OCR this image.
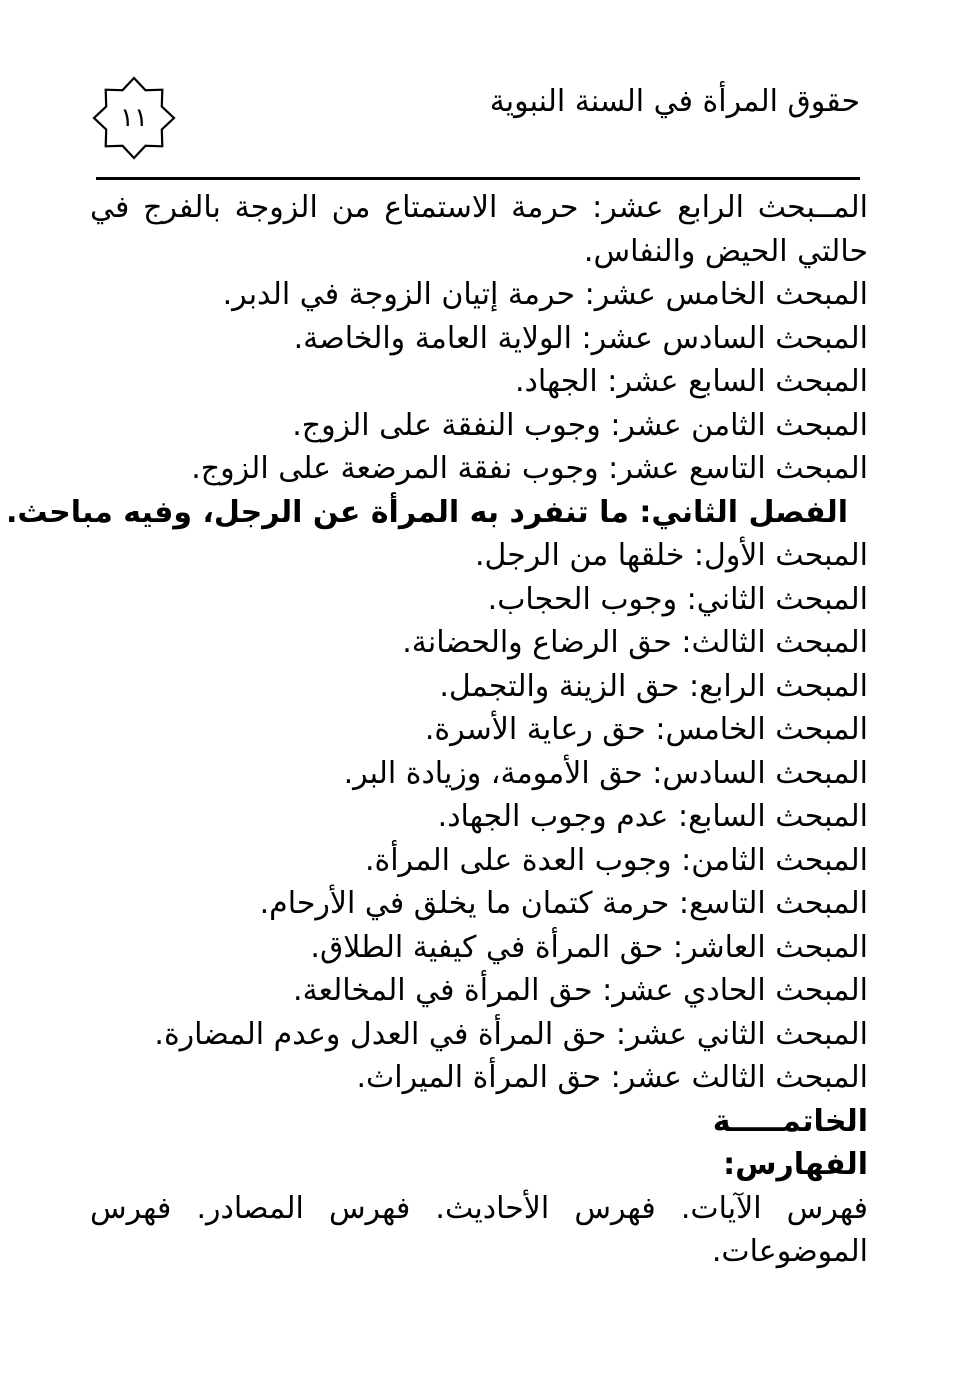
حقوق المرأة في السنة النبوية
١١
المــبحث الرابع عشر: حرمة الاستمتاع من الزوجة بالفرج في
حالتي الحيض والنفاس.
المبحث الخامس عشر: حرمة إتيان الزوجة في الدبر.
المبحث السادس عشر: الولاية العامة والخاصة.
المبحث السابع عشر: الجهاد.
المبحث الثامن عشر: وجوب النفقة على الزوج.
المبحث التاسع عشر: وجوب نفقة المرضعة على الزوج.
الفصل الثاني: ما تنفرد به المرأة عن الرجل، وفيه مباحث.
المبحث الأول: خلقها من الرجل.
المبحث الثاني: وجوب الحجاب.
المبحث الثالث: حق الرضاع والحضانة.
المبحث الرابع: حق الزينة والتجمل.
المبحث الخامس: حق رعاية الأسرة.
المبحث السادس: حق الأمومة، وزيادة البر.
المبحث السابع: عدم وجوب الجهاد.
المبحث الثامن: وجوب العدة على المرأة.
المبحث التاسع: حرمة كتمان ما يخلق في الأرحام.
المبحث العاشر: حق المرأة في كيفية الطلاق.
المبحث الحادي عشر: حق المرأة في المخالعة.
المبحث الثاني عشر: حق المرأة في العدل وعدم المضارة.
المبحث الثالث عشر: حق المرأة الميراث.
الخاتمـــــة
الفهارس:
فهرس الآيات. فهرس الأحاديث. فهرس المصادر. فهرس
الموضوعات.
